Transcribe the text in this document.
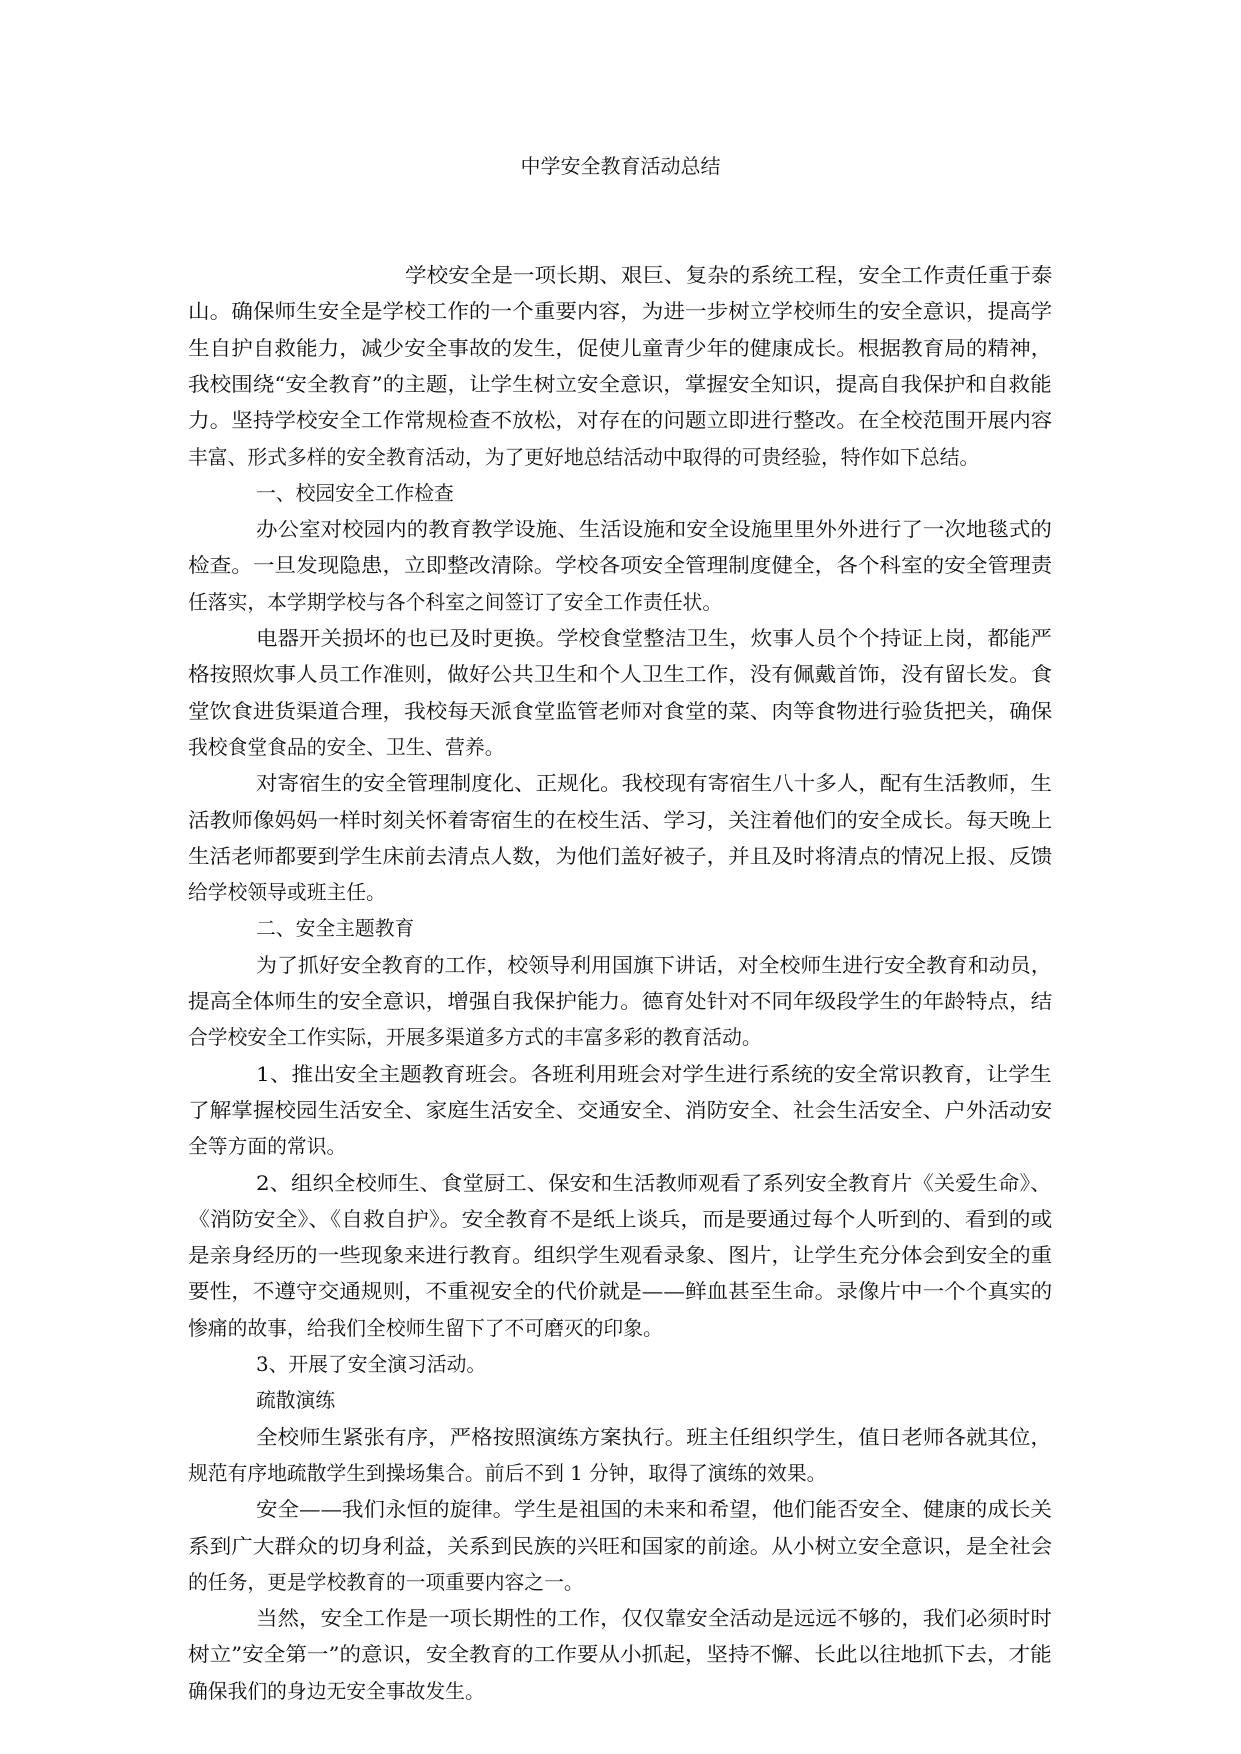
中学安全教育活动总结
学校安全是一项长期、艰巨、复杂的系统工程，安全工作责任重于泰
山。确保师生安全是学校工作的一个重要内容，为进一步树立学校师生的安全意识，提高学
生自护自救能力，减少安全事故的发生，促使儿童青少年的健康成长。根据教育局的精神，
我校围绕“安全教育”的主题，让学生树立安全意识，掌握安全知识，提高自我保护和自救能
力。坚持学校安全工作常规检查不放松，对存在的问题立即进行整改。在全校范围开展内容
丰富、形式多样的安全教育活动，为了更好地总结活动中取得的可贵经验，特作如下总结。
一、校园安全工作检查
办公室对校园内的教育教学设施、生活设施和安全设施里里外外进行了一次地毯式的
检查。一旦发现隐患，立即整改清除。学校各项安全管理制度健全，各个科室的安全管理责
任落实，本学期学校与各个科室之间签订了安全工作责任状。
电器开关损坏的也已及时更换。学校食堂整洁卫生，炊事人员个个持证上岗，都能严
格按照炊事人员工作准则，做好公共卫生和个人卫生工作，没有佩戴首饰，没有留长发。食
堂饮食进货渠道合理，我校每天派食堂监管老师对食堂的菜、肉等食物进行验货把关，确保
我校食堂食品的安全、卫生、营养。
对寄宿生的安全管理制度化、正规化。我校现有寄宿生八十多人，配有生活教师，生
活教师像妈妈一样时刻关怀着寄宿生的在校生活、学习，关注着他们的安全成长。每天晚上
生活老师都要到学生床前去清点人数，为他们盖好被子，并且及时将清点的情况上报、反馈
给学校领导或班主任。
二、安全主题教育
为了抓好安全教育的工作，校领导利用国旗下讲话，对全校师生进行安全教育和动员，
提高全体师生的安全意识，增强自我保护能力。德育处针对不同年级段学生的年龄特点，结
合学校安全工作实际，开展多渠道多方式的丰富多彩的教育活动。
1、推出安全主题教育班会。各班利用班会对学生进行系统的安全常识教育，让学生
了解掌握校园生活安全、家庭生活安全、交通安全、消防安全、社会生活安全、户外活动安
全等方面的常识。
2、组织全校师生、食堂厨工、保安和生活教师观看了系列安全教育片《关爱生命》、
《消防安全》、《自救自护》。安全教育不是纸上谈兵，而是要通过每个人听到的、看到的或
是亲身经历的一些现象来进行教育。组织学生观看录象、图片，让学生充分体会到安全的重
要性，不遵守交通规则，不重视安全的代价就是——鲜血甚至生命。录像片中一个个真实的
惨痛的故事，给我们全校师生留下了不可磨灭的印象。
3、开展了安全演习活动。
疏散演练
全校师生紧张有序，严格按照演练方案执行。班主任组织学生，值日老师各就其位，
规范有序地疏散学生到操场集合。前后不到 1 分钟，取得了演练的效果。
安全——我们永恒的旋律。学生是祖国的未来和希望，他们能否安全、健康的成长关
系到广大群众的切身利益，关系到民族的兴旺和国家的前途。从小树立安全意识，是全社会
的任务，更是学校教育的一项重要内容之一。
当然，安全工作是一项长期性的工作，仅仅靠安全活动是远远不够的，我们必须时时
树立”安全第一”的意识，安全教育的工作要从小抓起，坚持不懈、长此以往地抓下去，才能
确保我们的身边无安全事故发生。
